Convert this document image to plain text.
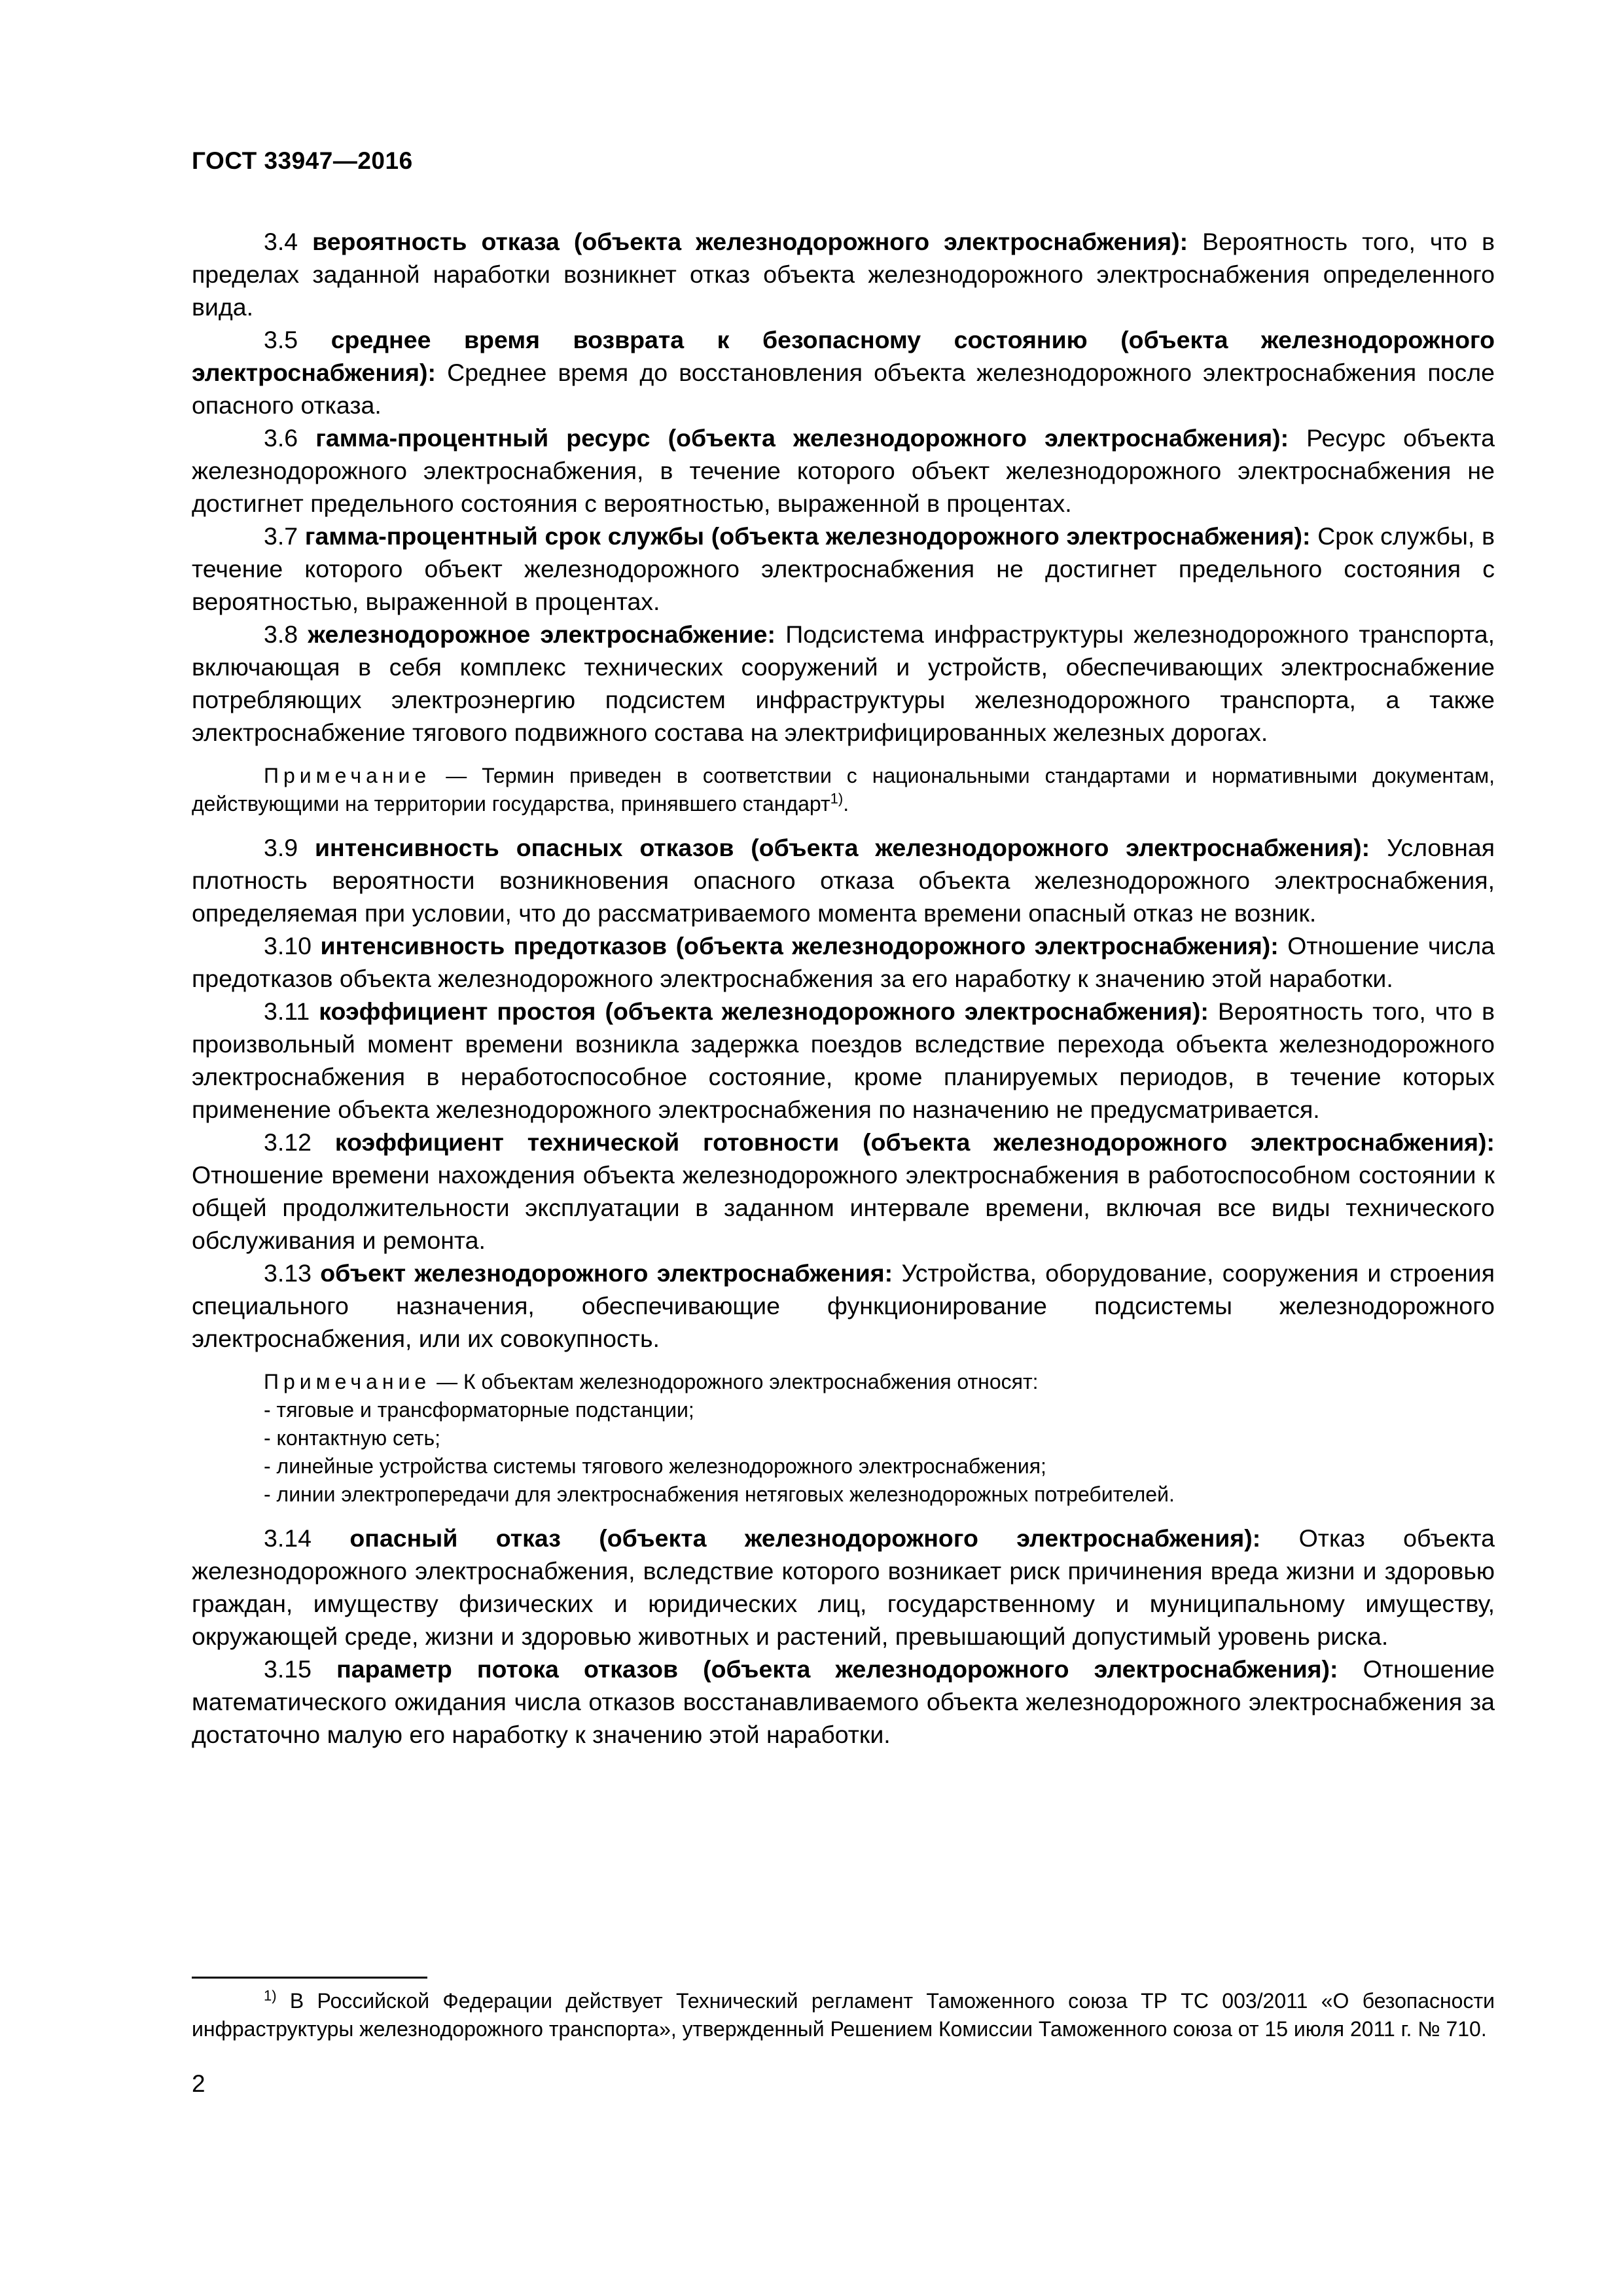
ГОСТ 33947—2016

3.4 вероятность отказа (объекта железнодорожного электроснабжения): Вероятность того, что в пределах заданной наработки возникнет отказ объекта железнодорожного электроснабжения определенного вида.

3.5 среднее время возврата к безопасному состоянию (объекта железнодорожного электроснабжения): Среднее время до восстановления объекта железнодорожного электроснабжения после опасного отказа.

3.6 гамма-процентный ресурс (объекта железнодорожного электроснабжения): Ресурс объекта железнодорожного электроснабжения, в течение которого объект железнодорожного электроснабжения не достигнет предельного состояния с вероятностью, выраженной в процентах.

3.7 гамма-процентный срок службы (объекта железнодорожного электроснабжения): Срок службы, в течение которого объект железнодорожного электроснабжения не достигнет предельного состояния с вероятностью, выраженной в процентах.

3.8 железнодорожное электроснабжение: Подсистема инфраструктуры железнодорожного транспорта, включающая в себя комплекс технических сооружений и устройств, обеспечивающих электроснабжение потребляющих электроэнергию подсистем инфраструктуры железнодорожного транспорта, а также электроснабжение тягового подвижного состава на электрифицированных железных дорогах.

Примечание — Термин приведен в соответствии с национальными стандартами и нормативными документам, действующими на территории государства, принявшего стандарт$^{1)}$.

3.9 интенсивность опасных отказов (объекта железнодорожного электроснабжения): Условная плотность вероятности возникновения опасного отказа объекта железнодорожного электроснабжения, определяемая при условии, что до рассматриваемого момента времени опасный отказ не возник.

3.10 интенсивность предотказов (объекта железнодорожного электроснабжения): Отношение числа предотказов объекта железнодорожного электроснабжения за его наработку к значению этой наработки.

3.11 коэффициент простоя (объекта железнодорожного электроснабжения): Вероятность того, что в произвольный момент времени возникла задержка поездов вследствие перехода объекта железнодорожного электроснабжения в неработоспособное состояние, кроме планируемых периодов, в течение которых применение объекта железнодорожного электроснабжения по назначению не предусматривается.

3.12 коэффициент технической готовности (объекта железнодорожного электроснабжения): Отношение времени нахождения объекта железнодорожного электроснабжения в работоспособном состоянии к общей продолжительности эксплуатации в заданном интервале времени, включая все виды технического обслуживания и ремонта.

3.13 объект железнодорожного электроснабжения: Устройства, оборудование, сооружения и строения специального назначения, обеспечивающие функционирование подсистемы железнодорожного электроснабжения, или их совокупность.

Примечание — К объектам железнодорожного электроснабжения относят:
- тяговые и трансформаторные подстанции;
- контактную сеть;
- линейные устройства системы тягового железнодорожного электроснабжения;
- линии электропередачи для электроснабжения нетяговых железнодорожных потребителей.

3.14 опасный отказ (объекта железнодорожного электроснабжения): Отказ объекта железнодорожного электроснабжения, вследствие которого возникает риск причинения вреда жизни и здоровью граждан, имуществу физических и юридических лиц, государственному и муниципальному имуществу, окружающей среде, жизни и здоровью животных и растений, превышающий допустимый уровень риска.

3.15 параметр потока отказов (объекта железнодорожного электроснабжения): Отношение математического ожидания числа отказов восстанавливаемого объекта железнодорожного электроснабжения за достаточно малую его наработку к значению этой наработки.

$^{1)}$ В Российской Федерации действует Технический регламент Таможенного союза ТР ТС 003/2011 «О безопасности инфраструктуры железнодорожного транспорта», утвержденный Решением Комиссии Таможенного союза от 15 июля 2011 г. № 710.
2
